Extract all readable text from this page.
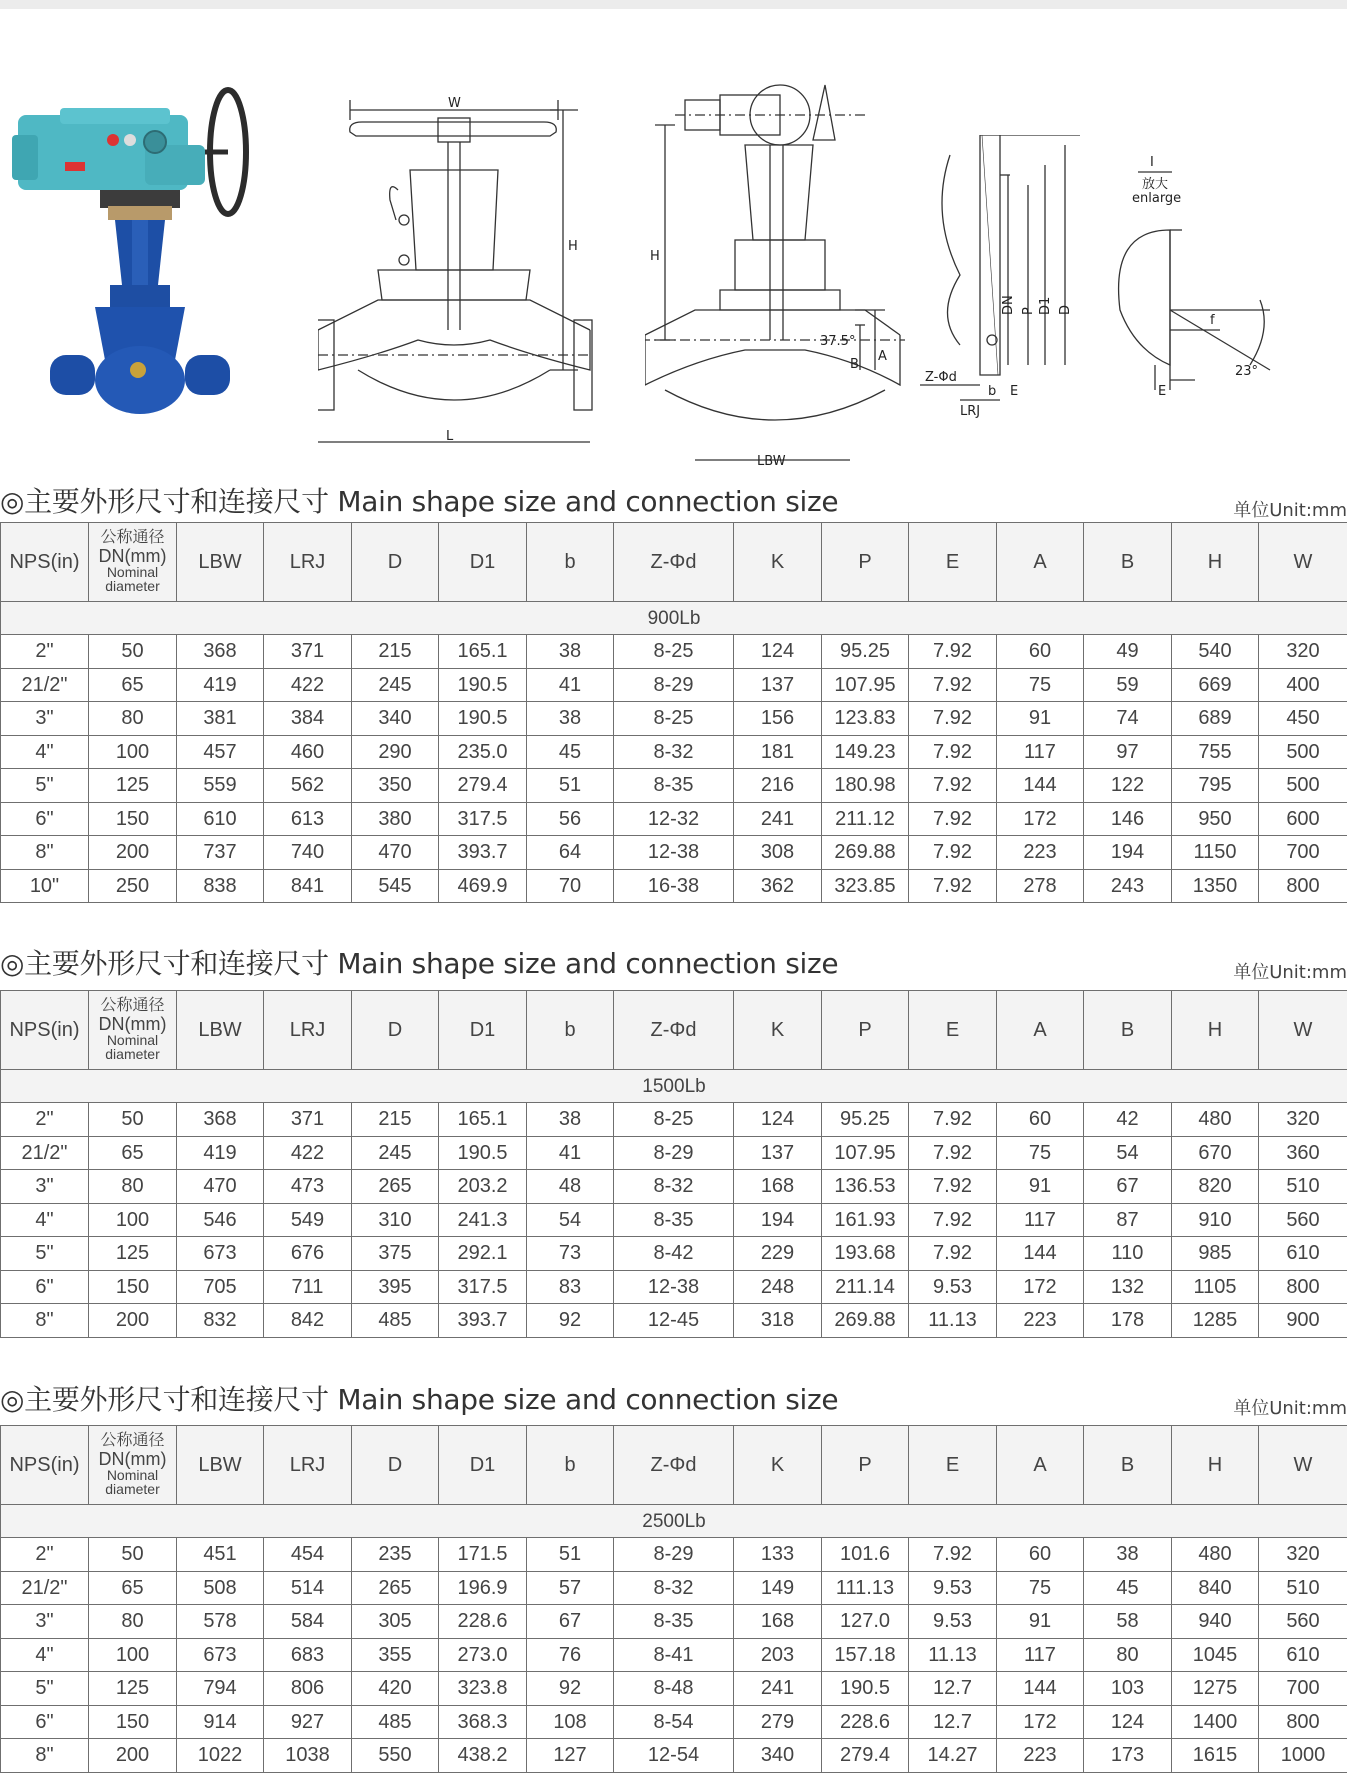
W
H
L
H
37.5°
A
B
LBW
DN P D1 D
Z-Φd
b E
LRJ
I
放大
enlarge
f
23°
E
◎主要外形尺寸和连接尺寸 Main shape size and connection size	单位Unit:mm
NPS(in)	公称通径
DN(mm)
Nominal
diameter	LBW	LRJ	D	D1	b	Z-Φd	K	P	E	A	B	H	W
900Lb														
2"	50	368	371	215	165.1	38	8-25	124	95.25	7.92	60	49	540	320
21/2"	65	419	422	245	190.5	41	8-29	137	107.95	7.92	75	59	669	400
3"	80	381	384	340	190.5	38	8-25	156	123.83	7.92	91	74	689	450
4"	100	457	460	290	235.0	45	8-32	181	149.23	7.92	117	97	755	500
5"	125	559	562	350	279.4	51	8-35	216	180.98	7.92	144	122	795	500
6"	150	610	613	380	317.5	56	12-32	241	211.12	7.92	172	146	950	600
8"	200	737	740	470	393.7	64	12-38	308	269.88	7.92	223	194	1150	700
10"	250	838	841	545	469.9	70	16-38	362	323.85	7.92	278	243	1350	800
◎主要外形尺寸和连接尺寸 Main shape size and connection size	单位Unit:mm
NPS(in)	公称通径
DN(mm)
Nominal
diameter	LBW	LRJ	D	D1	b	Z-Φd	K	P	E	A	B	H	W
1500Lb														
2"	50	368	371	215	165.1	38	8-25	124	95.25	7.92	60	42	480	320
21/2"	65	419	422	245	190.5	41	8-29	137	107.95	7.92	75	54	670	360
3"	80	470	473	265	203.2	48	8-32	168	136.53	7.92	91	67	820	510
4"	100	546	549	310	241.3	54	8-35	194	161.93	7.92	117	87	910	560
5"	125	673	676	375	292.1	73	8-42	229	193.68	7.92	144	110	985	610
6"	150	705	711	395	317.5	83	12-38	248	211.14	9.53	172	132	1105	800
8"	200	832	842	485	393.7	92	12-45	318	269.88	11.13	223	178	1285	900
◎主要外形尺寸和连接尺寸 Main shape size and connection size	单位Unit:mm
NPS(in)	公称通径
DN(mm)
Nominal
diameter	LBW	LRJ	D	D1	b	Z-Φd	K	P	E	A	B	H	W
2500Lb														
2"	50	451	454	235	171.5	51	8-29	133	101.6	7.92	60	38	480	320
21/2"	65	508	514	265	196.9	57	8-32	149	111.13	9.53	75	45	840	510
3"	80	578	584	305	228.6	67	8-35	168	127.0	9.53	91	58	940	560
4"	100	673	683	355	273.0	76	8-41	203	157.18	11.13	117	80	1045	610
5"	125	794	806	420	323.8	92	8-48	241	190.5	12.7	144	103	1275	700
6"	150	914	927	485	368.3	108	8-54	279	228.6	12.7	172	124	1400	800
8"	200	1022	1038	550	438.2	127	12-54	340	279.4	14.27	223	173	1615	1000
